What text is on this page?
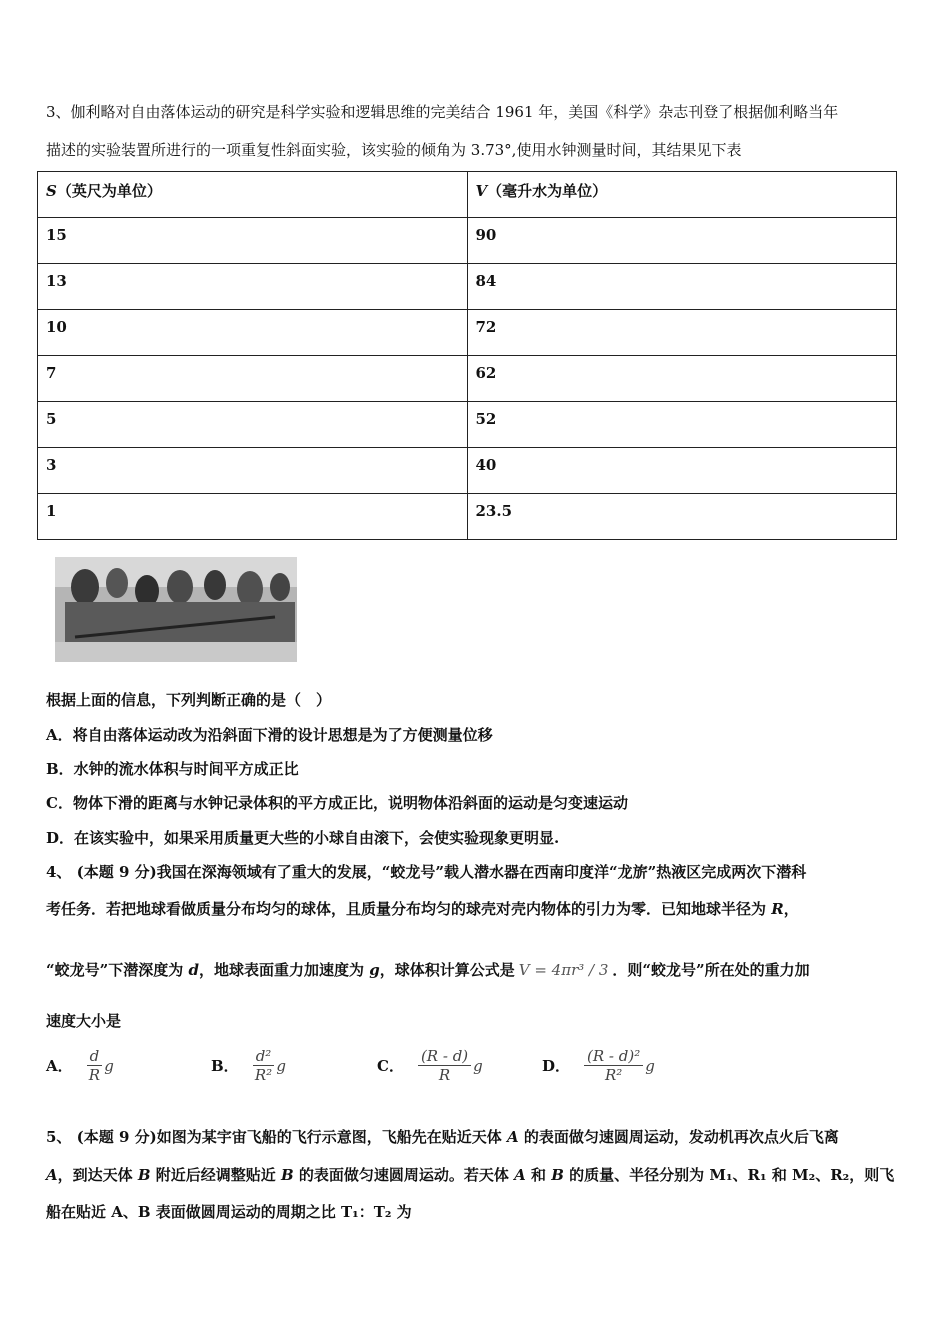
3、伽利略对自由落体运动的研究是科学实验和逻辑思维的完美结合 1961 年，美国《科学》杂志刊登了根据伽利略当年
描述的实验装置所进行的一项重复性斜面实验，该实验的倾角为 3.73°,使用水钟测量时间，其结果见下表
S（英尺为单位）	V（毫升水为单位）
15	90
13	84
10	72
7	62
5	52
3	40
1	23.5
根据上面的信息，下列判断正确的是（　）
A．将自由落体运动改为沿斜面下滑的设计思想是为了方便测量位移
B．水钟的流水体积与时间平方成正比
C．物体下滑的距离与水钟记录体积的平方成正比，说明物体沿斜面的运动是匀变速运动
D．在该实验中，如果采用质量更大些的小球自由滚下，会使实验现象更明显.
4、 (本题 9 分)我国在深海领域有了重大的发展，“蛟龙号”载人潜水器在西南印度洋“龙旂”热液区完成两次下潜科
考任务．若把地球看做质量分布均匀的球体，且质量分布均匀的球壳对壳内物体的引力为零．已知地球半径为 R，
“蛟龙号”下潜深度为 d，地球表面重力加速度为 g，球体积计算公式是 V = 4πr³ / 3 ．则“蛟龙号”所在处的重力加
速度大小是
A． $\frac{d}{R}$ g	B． $\frac{\text{d²}}{\text{R²}}$ g	C． $\frac{(R - d)}{R}$ g	D． $\frac{\text{(R - d)²}}{\text{R²}}$ g
5、 (本题 9 分)如图为某宇宙飞船的飞行示意图，飞船先在贴近天体 A 的表面做匀速圆周运动，发动机再次点火后飞离
A，到达天体 B 附近后经调整贴近 B 的表面做匀速圆周运动。若天体 A 和 B 的质量、半径分别为 M₁、R₁ 和 M₂、R₂，则飞
船在贴近 A、B 表面做圆周运动的周期之比 T₁：T₂ 为
